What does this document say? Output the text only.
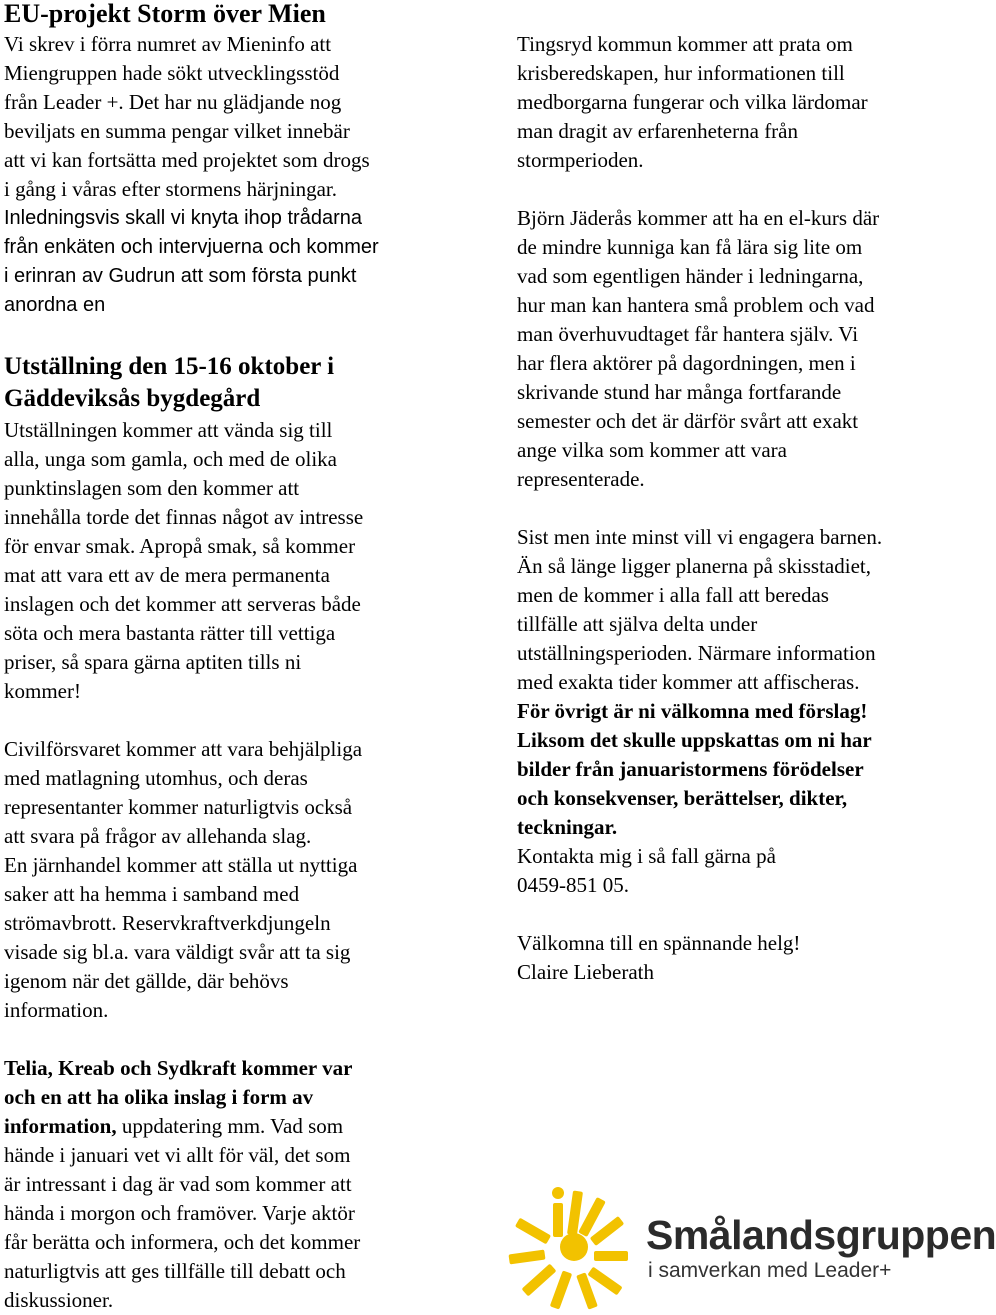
EU-projekt Storm över Mien
Vi skrev i förra numret av Mieninfo att
Miengruppen hade sökt utvecklingsstöd
från Leader +. Det har nu glädjande nog
beviljats en summa pengar vilket innebär
att vi kan fortsätta med projektet som drogs
i gång i våras efter stormens härjningar.
Inledningsvis skall vi knyta ihop trådarna
från enkäten och intervjuerna och kommer
i erinran av Gudrun att som första punkt
anordna en
Utställning den 15-16 oktober i
Gäddeviksås bygdegård
Utställningen kommer att vända sig till
alla, unga som gamla, och med de olika
punktinslagen som den kommer att
innehålla torde det finnas något av intresse
för envar smak. Apropå smak, så kommer
mat att vara ett av de mera permanenta
inslagen och det kommer att serveras både
söta och mera bastanta rätter till vettiga
priser, så spara gärna aptiten tills ni
kommer!
Civilförsvaret kommer att vara behjälpliga
med matlagning utomhus, och deras
representanter kommer naturligtvis också
att svara på frågor av allehanda slag.
En järnhandel kommer att ställa ut nyttiga
saker att ha hemma i samband med
strömavbrott. Reservkraftverkdjungeln
visade sig bl.a. vara väldigt svår att ta sig
igenom när det gällde, där behövs
information.
Telia, Kreab och Sydkraft kommer var
och en att ha olika inslag i form av
information, uppdatering mm. Vad som
hände i januari vet vi allt för väl, det som
är intressant i dag är vad som kommer att
hända i morgon och framöver. Varje aktör
får berätta och informera, och det kommer
naturligtvis att ges tillfälle till debatt och
diskussioner.
Tingsryd kommun kommer att prata om
krisberedskapen, hur informationen till
medborgarna fungerar och vilka lärdomar
man dragit av erfarenheterna från
stormperioden.
Björn Jäderås kommer att ha en el-kurs där
de mindre kunniga kan få lära sig lite om
vad som egentligen händer i ledningarna,
hur man kan hantera små problem och vad
man överhuvudtaget får hantera själv. Vi
har flera aktörer på dagordningen, men i
skrivande stund har många fortfarande
semester och det är därför svårt att exakt
ange vilka som kommer att vara
representerade.
Sist men inte minst vill vi engagera barnen.
Än så länge ligger planerna på skisstadiet,
men de kommer i alla fall att beredas
tillfälle att själva delta under
utställningsperioden. Närmare information
med exakta tider kommer att affischeras.
För övrigt är ni välkomna med förslag!
Liksom det skulle uppskattas om ni har
bilder från januaristormens förödelser
och konsekvenser, berättelser, dikter,
teckningar.
Kontakta mig i så fall gärna på
0459-851 05.
Välkomna till en spännande helg!
Claire Lieberath
Smålandsgruppen
i samverkan med Leader+
